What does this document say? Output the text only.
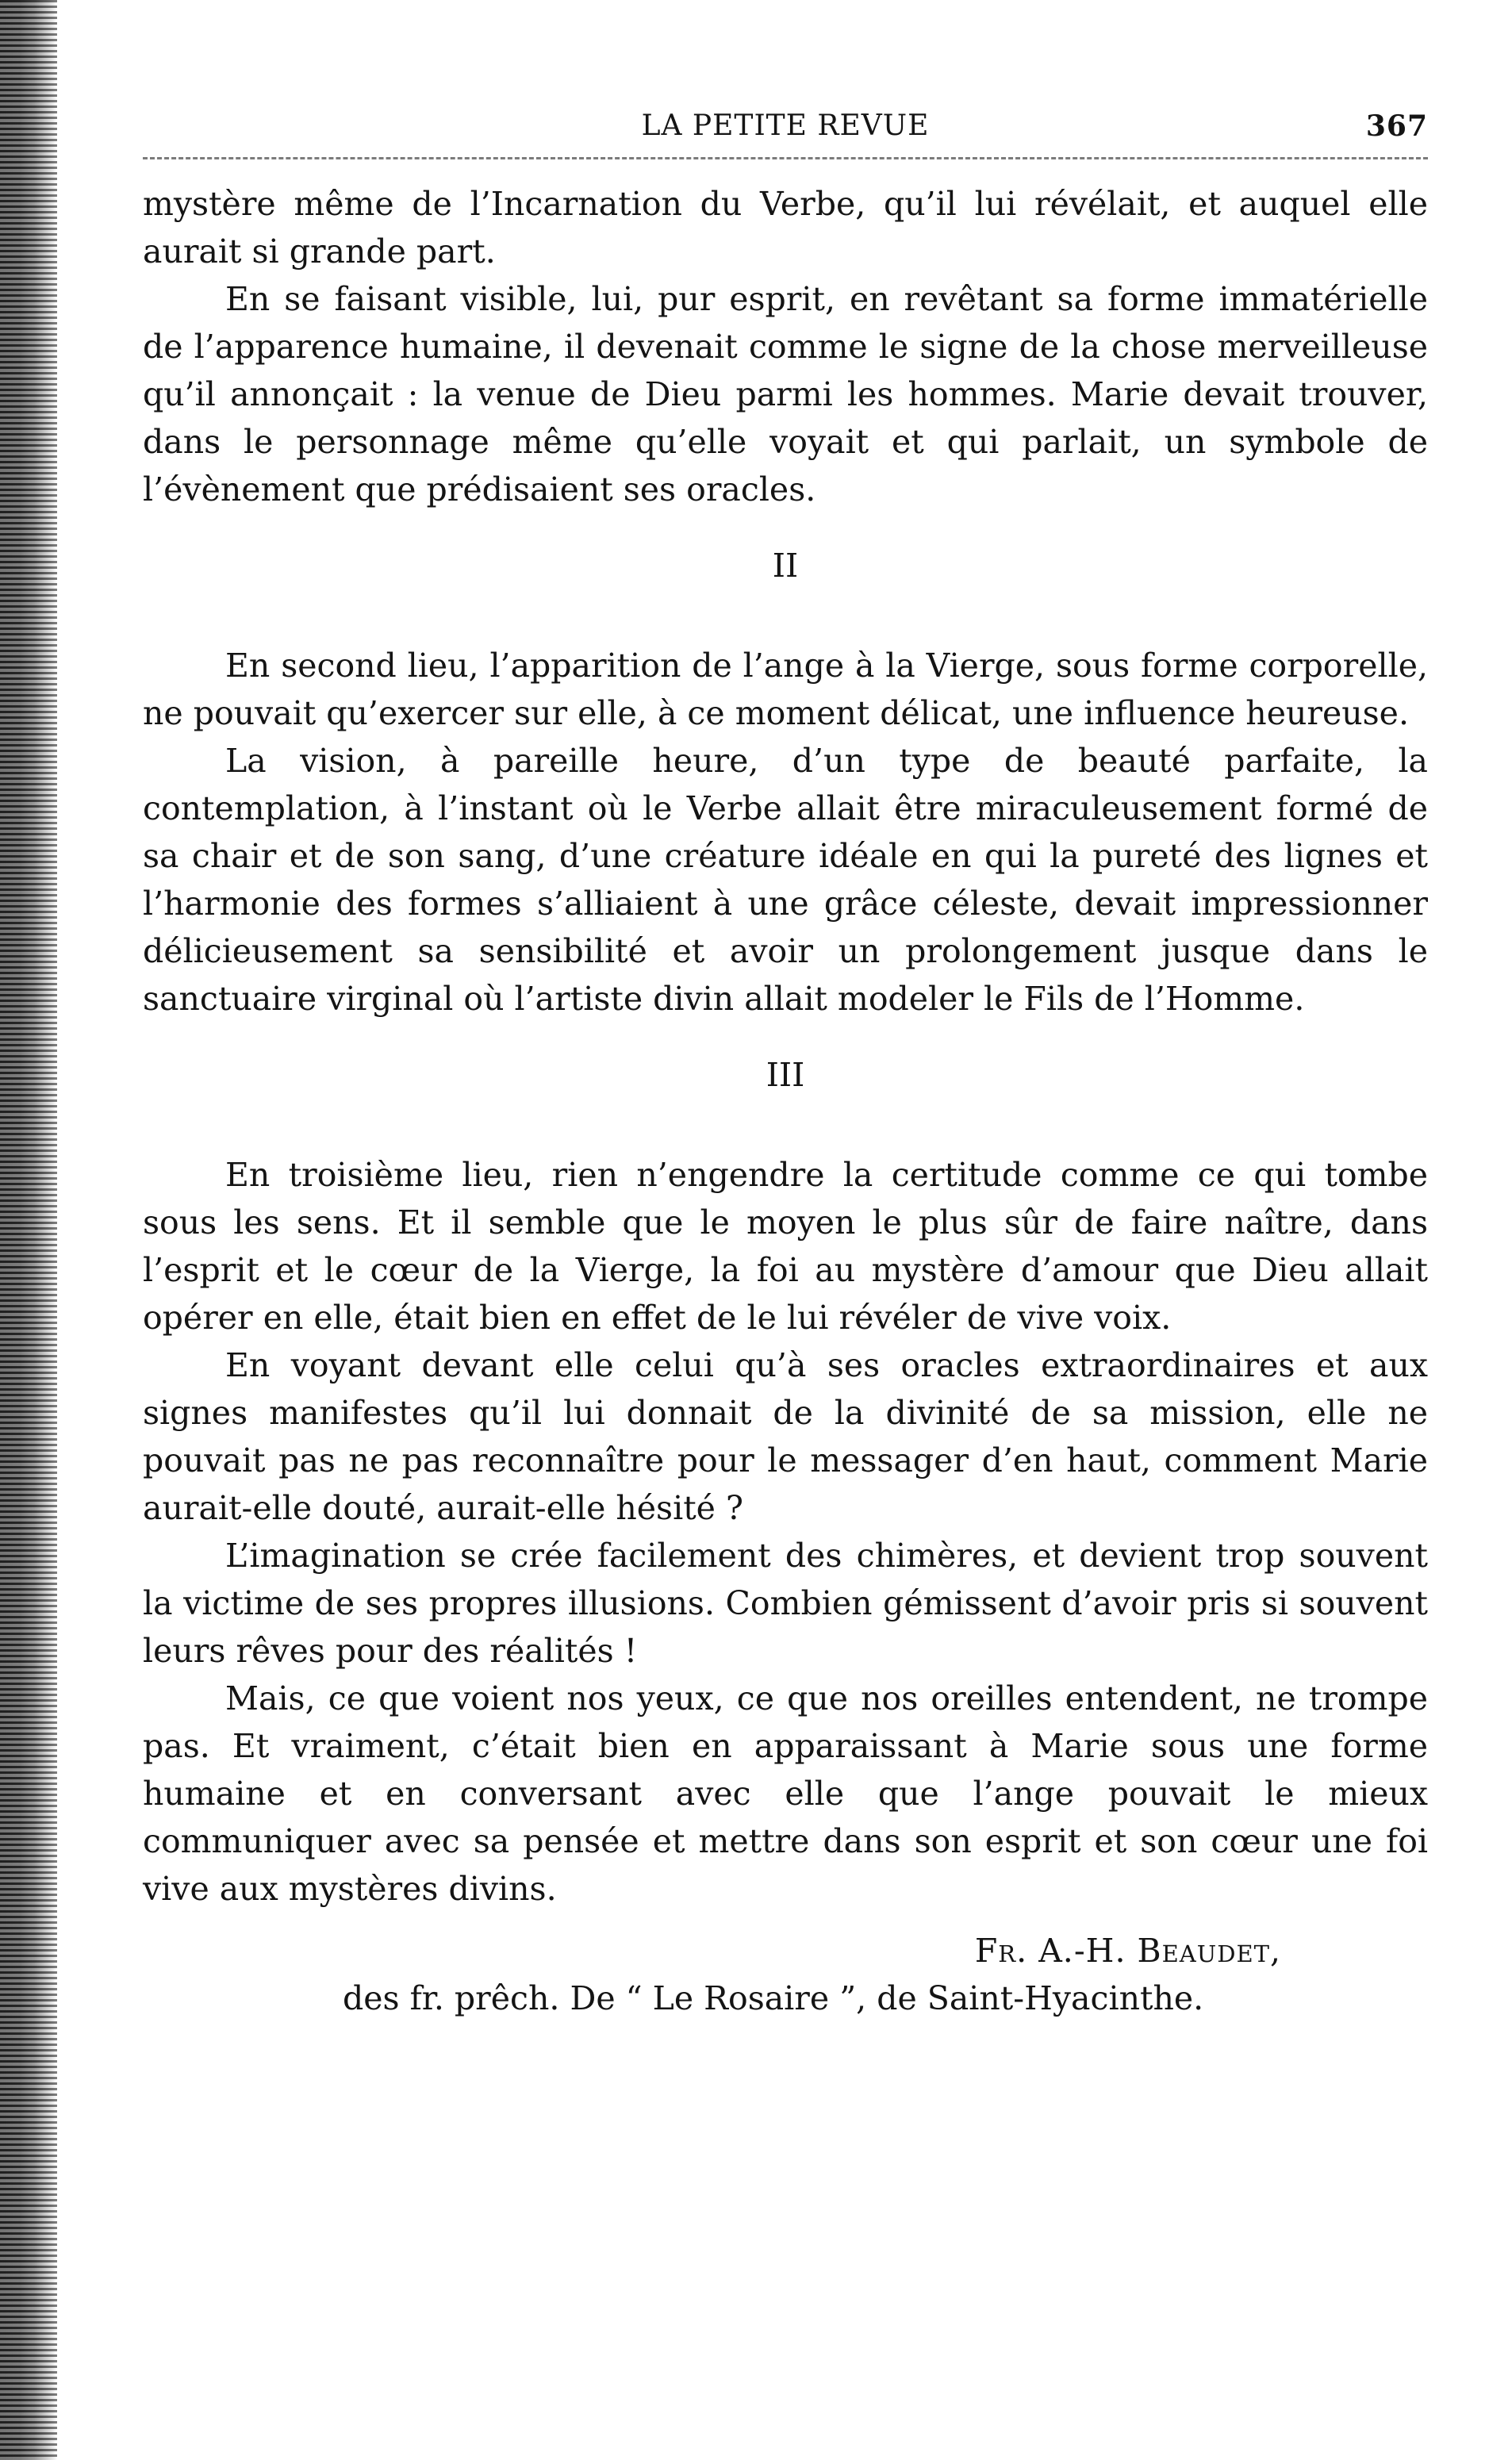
LA PETITE REVUE	367

mystère même de l’Incarnation du Verbe, qu’il lui révélait, et auquel elle aurait si grande part.

En se faisant visible, lui, pur esprit, en revêtant sa forme immatérielle de l’apparence humaine, il devenait comme le signe de la chose merveilleuse qu’il annonçait : la venue de Dieu parmi les hommes. Marie devait trouver, dans le personnage même qu’elle voyait et qui parlait, un symbole de l’évènement que prédisaient ses oracles.

II

En second lieu, l’apparition de l’ange à la Vierge, sous forme corporelle, ne pouvait qu’exercer sur elle, à ce moment délicat, une influence heureuse.

La vision, à pareille heure, d’un type de beauté parfaite, la contemplation, à l’instant où le Verbe allait être miraculeusement formé de sa chair et de son sang, d’une créature idéale en qui la pureté des lignes et l’harmonie des formes s’alliaient à une grâce céleste, devait impressionner délicieusement sa sensibilité et avoir un prolongement jusque dans le sanctuaire virginal où l’artiste divin allait modeler le Fils de l’Homme.

III

En troisième lieu, rien n’engendre la certitude comme ce qui tombe sous les sens. Et il semble que le moyen le plus sûr de faire naître, dans l’esprit et le cœur de la Vierge, la foi au mystère d’amour que Dieu allait opérer en elle, était bien en effet de le lui révéler de vive voix.

En voyant devant elle celui qu’à ses oracles extraordinaires et aux signes manifestes qu’il lui donnait de la divinité de sa mission, elle ne pouvait pas ne pas reconnaître pour le messager d’en haut, comment Marie aurait-elle douté, aurait-elle hésité ?

L’imagination se crée facilement des chimères, et devient trop souvent la victime de ses propres illusions. Combien gémissent d’avoir pris si souvent leurs rêves pour des réalités !

Mais, ce que voient nos yeux, ce que nos oreilles entendent, ne trompe pas. Et vraiment, c’était bien en apparaissant à Marie sous une forme humaine et en conversant avec elle que l’ange pouvait le mieux communiquer avec sa pensée et mettre dans son esprit et son cœur une foi vive aux mystères divins.

Fr. A.-H. Beaudet,
des fr. prêch. De “ Le Rosaire ”, de Saint-Hyacinthe.
